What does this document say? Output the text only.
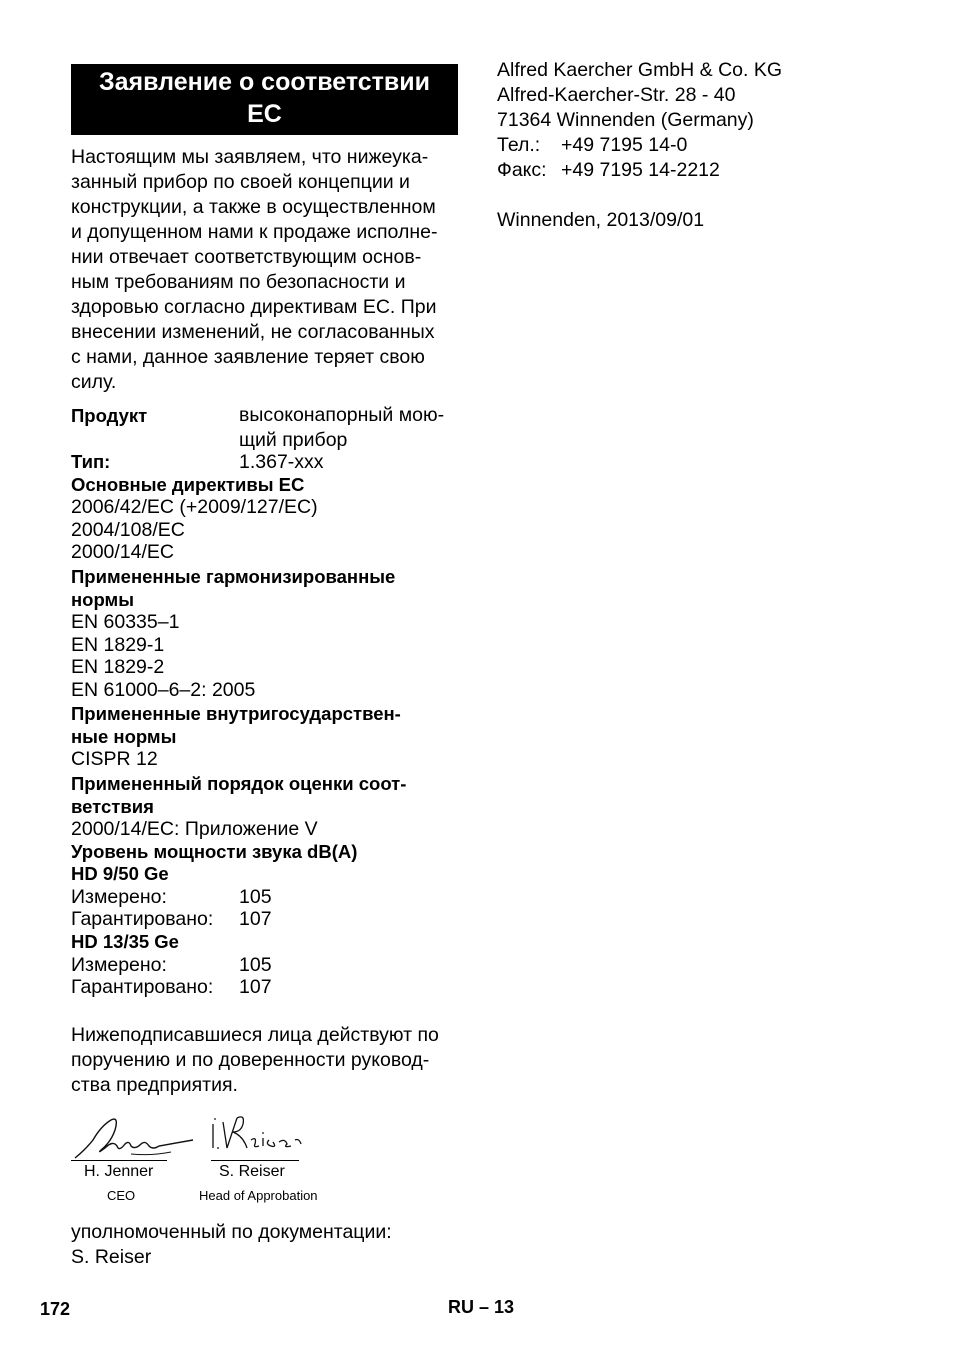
Заявление о соответствии
ЕС
Настоящим мы заявляем, что нижеука-
занный прибор по своей концепции и
конструкции, а также в осуществленном
и допущенном нами к продаже исполне-
нии отвечает соответствующим основ-
ным требованиям по безопасности и
здоровью согласно директивам ЕС. При
внесении изменений, не согласованных
с нами, данное заявление теряет свою
силу.
Продукт	высоконапорный мою-
щий прибор
Тип:	1.367-xxx
Основные директивы ЕС
2006/42/EC (+2009/127/EC)
2004/108/EC
2000/14/EC
Примененные гармонизированные
нормы
EN 60335–1
EN 1829-1
EN 1829-2
EN 61000–6–2: 2005
Примененные внутригосударствен-
ные нормы
CISPR 12
Примененный порядок оценки соот-
ветствия
2000/14/EC: Приложение V
Уровень мощности звука dB(A)
HD 9/50 Ge
Измерено:	105
Гарантировано:	107
HD 13/35 Ge
Измерено:	105
Гарантировано:	107
Нижеподписавшиеся лица действуют по
поручению и по доверенности руковод-
ства предприятия.
H. Jenner	S. Reiser
CEO	Head of Approbation
уполномоченный по документации:
S. Reiser
Alfred Kaercher GmbH & Co. KG
Alfred-Kaercher-Str. 28 - 40
71364 Winnenden (Germany)
Тел.:	+49 7195 14-0
Факс: +49 7195 14-2212
Winnenden, 2013/09/01
172	RU – 13
